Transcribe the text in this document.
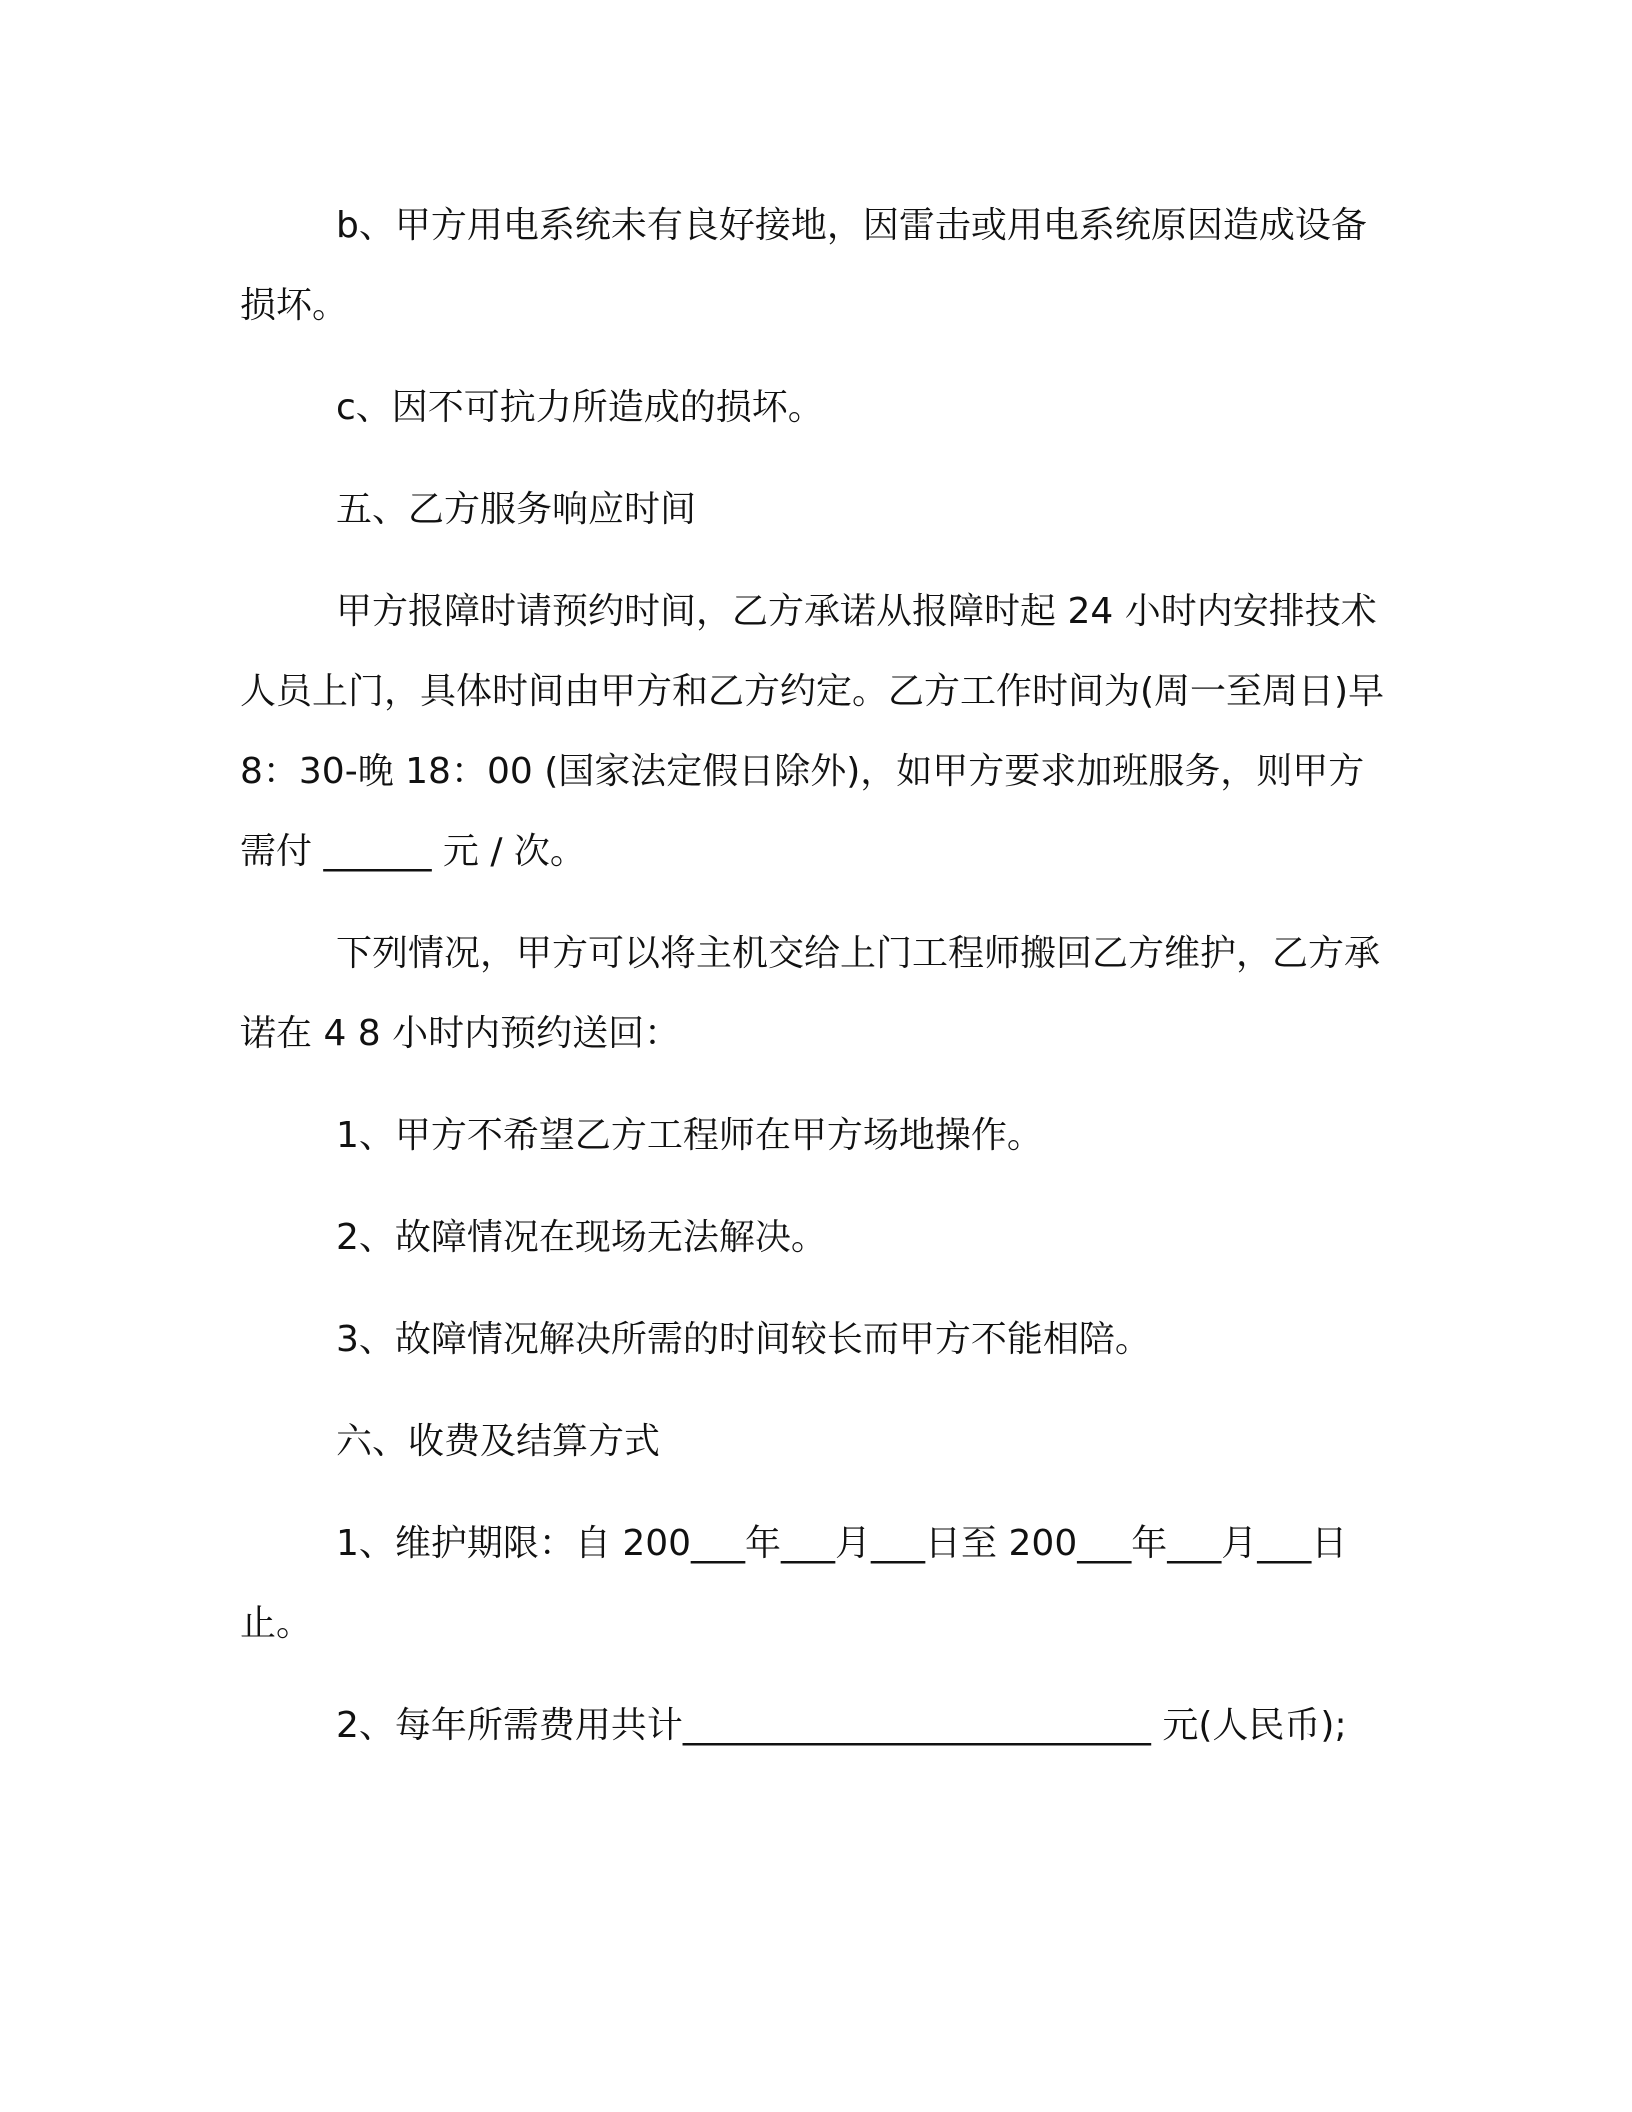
b、甲方用电系统未有良好接地，因雷击或用电系统原因造成设备损坏。

c、因不可抗力所造成的损坏。

五、乙方服务响应时间

甲方报障时请预约时间，乙方承诺从报障时起 24 小时内安排技术人员上门，具体时间由甲方和乙方约定。乙方工作时间为(周一至周日)早 8：30-晚 18：00 (国家法定假日除外)，如甲方要求加班服务，则甲方需付 ______ 元 / 次。

下列情况，甲方可以将主机交给上门工程师搬回乙方维护，乙方承诺在 4 8 小时内预约送回：

1、甲方不希望乙方工程师在甲方场地操作。

2、故障情况在现场无法解决。

3、故障情况解决所需的时间较长而甲方不能相陪。

六、收费及结算方式

1、维护期限：自 200___年___月___日至 200___年___月___日止。

2、每年所需费用共计__________________________ 元(人民币);
